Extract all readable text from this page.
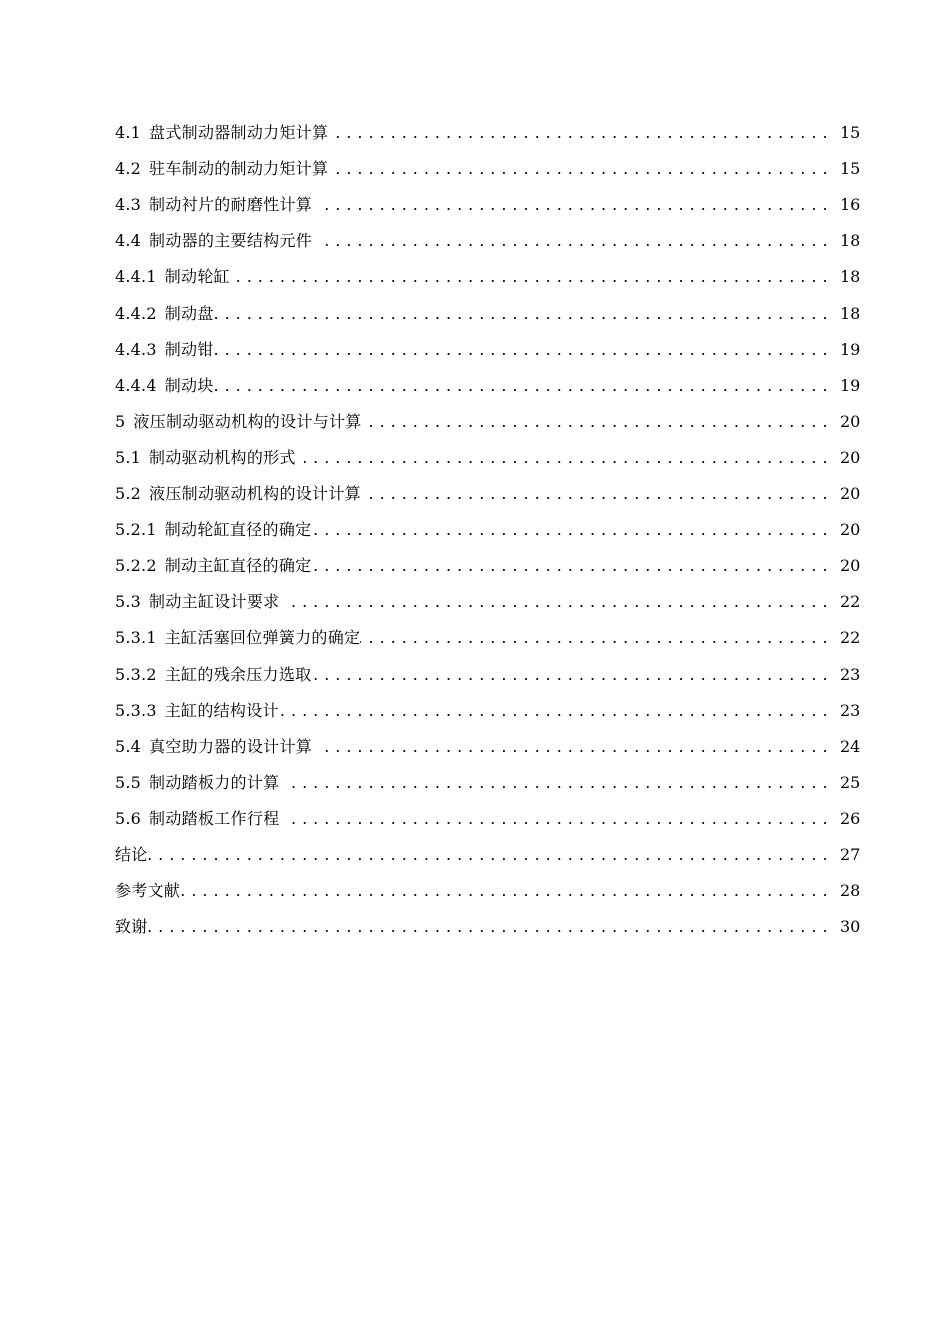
4.1 盘式制动器制动力矩计算 . . .	15
4.2 驻车制动的制动力矩计算 . . .	15
4.3 制动衬片的耐磨性计算 . . .	16
4.4 制动器的主要结构元件 . . .	18
4.4.1 制动轮缸 . . .	18
4.4.2 制动盘 . . .	18
4.4.3 制动钳 . . .	19
4.4.4 制动块 . . .	19
5 液压制动驱动机构的设计与计算 . . .	20
5.1 制动驱动机构的形式 . . .	20
5.2 液压制动驱动机构的设计计算 . . .	20
5.2.1 制动轮缸直径的确定 . . .	20
5.2.2 制动主缸直径的确定 . . .	20
5.3 制动主缸设计要求 . . .	22
5.3.1 主缸活塞回位弹簧力的确定 . . .	22
5.3.2 主缸的残余压力选取 . . .	23
5.3.3 主缸的结构设计 . . .	23
5.4 真空助力器的设计计算 . . .	24
5.5 制动踏板力的计算 . . .	25
5.6 制动踏板工作行程 . . .	26
结论 . . .	27
参考文献 . . .	28
致谢 . . .	30
